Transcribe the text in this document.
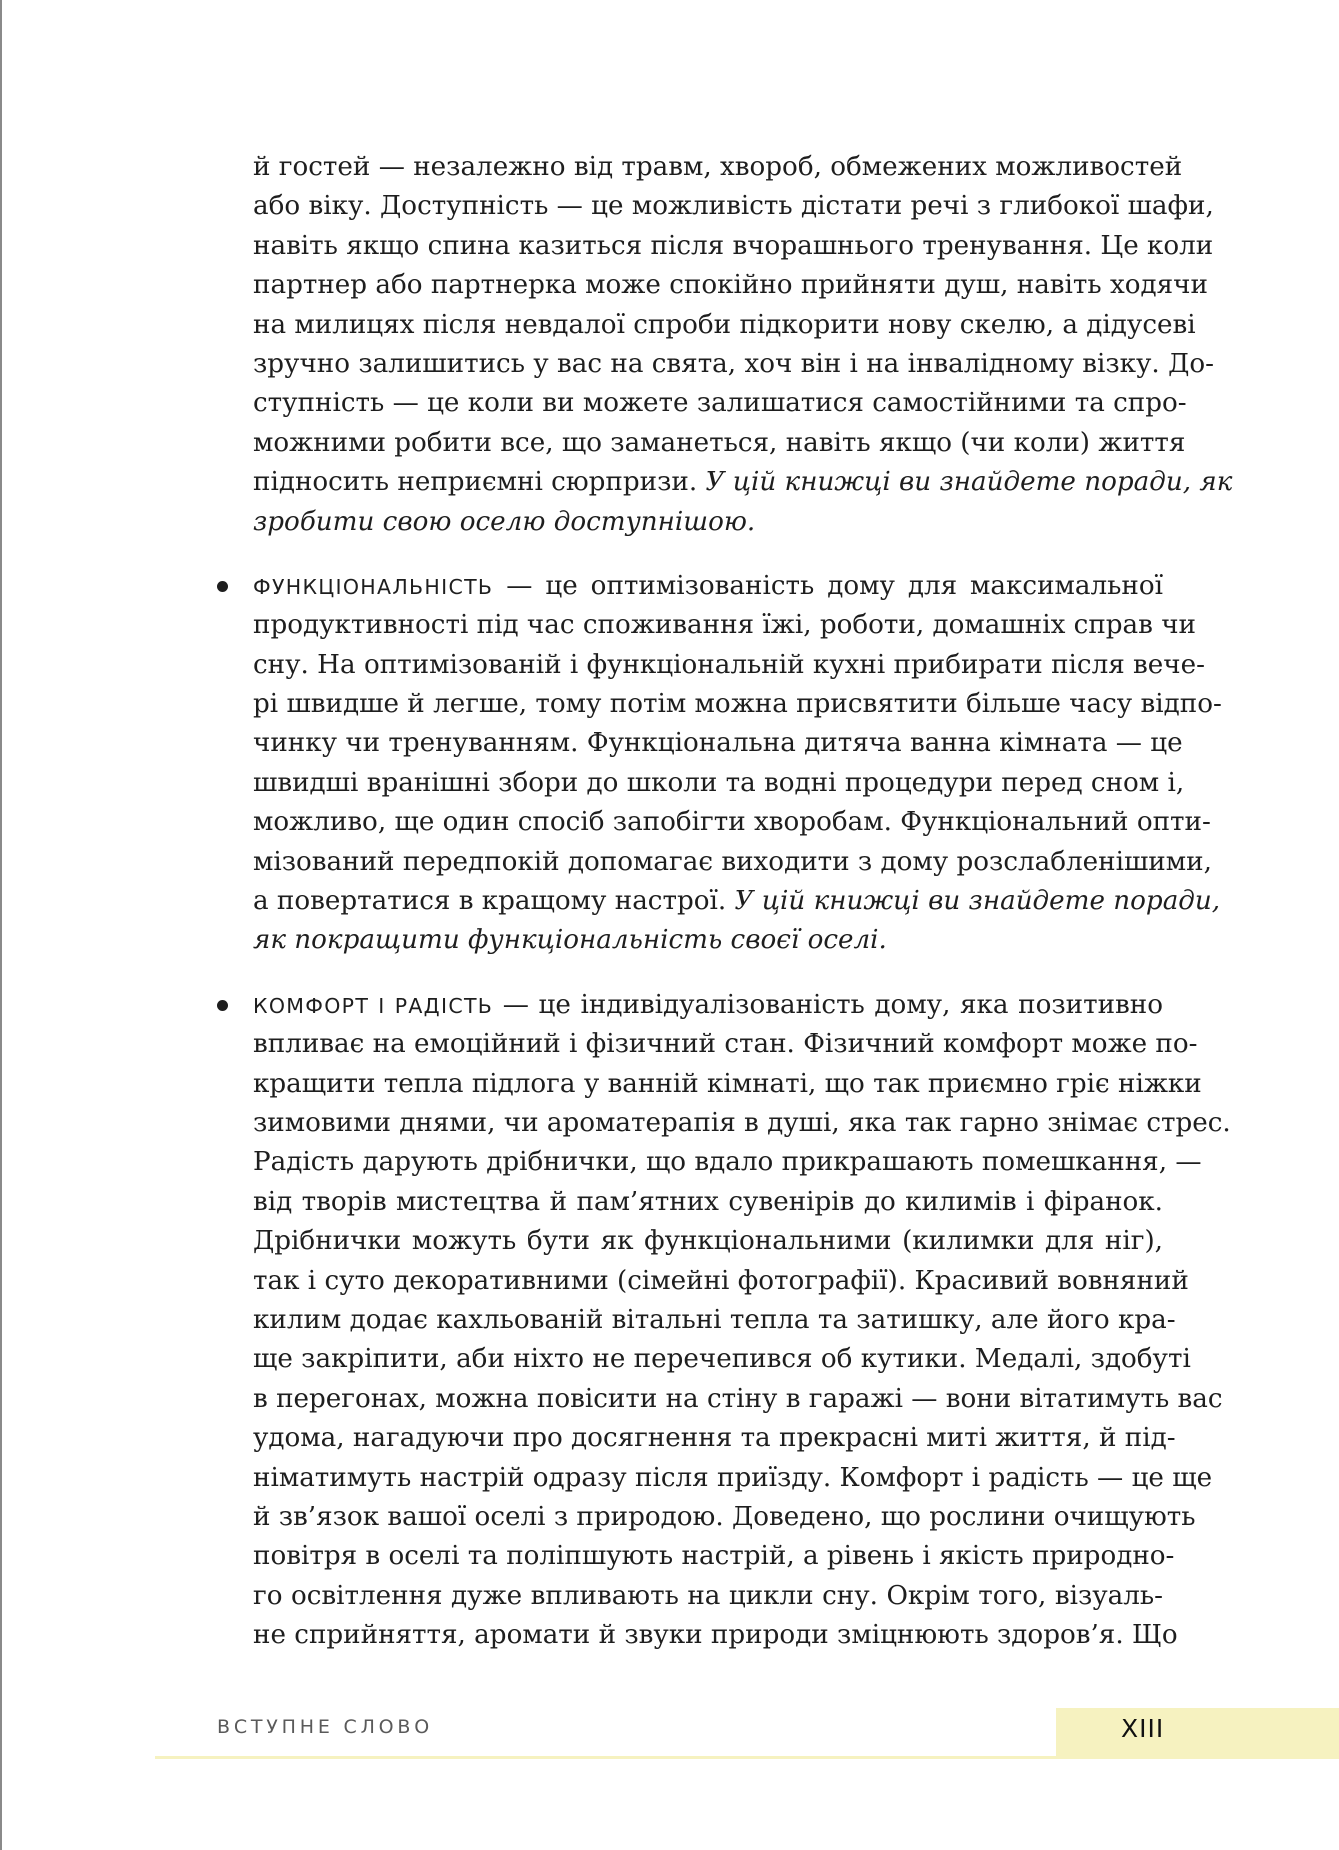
й гостей — незалежно від травм, хвороб, обмежених можливостей
або віку. Доступність — це можливість дістати речі з глибокої шафи,
навіть якщо спина казиться після вчорашнього тренування. Це коли
партнер або партнерка може спокійно прийняти душ, навіть ходячи
на милицях після невдалої спроби підкорити нову скелю, а дідусеві
зручно залишитись у вас на свята, хоч він і на інвалідному візку. До-
ступність — це коли ви можете залишатися самостійними та спро-
можними робити все, що заманеться, навіть якщо (чи коли) життя
підносить неприємні сюрпризи. У цій книжці ви знайдете поради, як
зробити свою оселю доступнішою.
ФУНКЦІОНАЛЬНІСТЬ — це оптимізованість дому для максимальної
продуктивності під час споживання їжі, роботи, домашніх справ чи
сну. На оптимізованій і функціональній кухні прибирати після вече-
рі швидше й легше, тому потім можна присвятити більше часу відпо-
чинку чи тренуванням. Функціональна дитяча ванна кімната — це
швидші вранішні збори до школи та водні процедури перед сном і,
можливо, ще один спосіб запобігти хворобам. Функціональний опти-
мізований передпокій допомагає виходити з дому розслабленішими,
а повертатися в кращому настрої. У цій книжці ви знайдете поради,
як покращити функціональність своєї оселі.
КОМФОРТ І РАДІСТЬ — це індивідуалізованість дому, яка позитивно
впливає на емоційний і фізичний стан. Фізичний комфорт може по-
кращити тепла підлога у ванній кімнаті, що так приємно гріє ніжки
зимовими днями, чи ароматерапія в душі, яка так гарно знімає стрес.
Радість дарують дрібнички, що вдало прикрашають помешкання, —
від творів мистецтва й пам’ятних сувенірів до килимів і фіранок.
Дрібнички можуть бути як функціональними (килимки для ніг),
так і суто декоративними (сімейні фотографії). Красивий вовняний
килим додає кахльованій вітальні тепла та затишку, але його кра-
ще закріпити, аби ніхто не перечепився об кутики. Медалі, здобуті
в перегонах, можна повісити на стіну в гаражі — вони вітатимуть вас
удома, нагадуючи про досягнення та прекрасні миті життя, й під-
німатимуть настрій одразу після приїзду. Комфорт і радість — це ще
й зв’язок вашої оселі з природою. Доведено, що рослини очищують
повітря в оселі та поліпшують настрій, а рівень і якість природно-
го освітлення дуже впливають на цикли сну. Окрім того, візуаль-
не сприйняття, аромати й звуки природи зміцнюють здоров’я. Що
ВСТУПНЕ СЛОВО	XIII
